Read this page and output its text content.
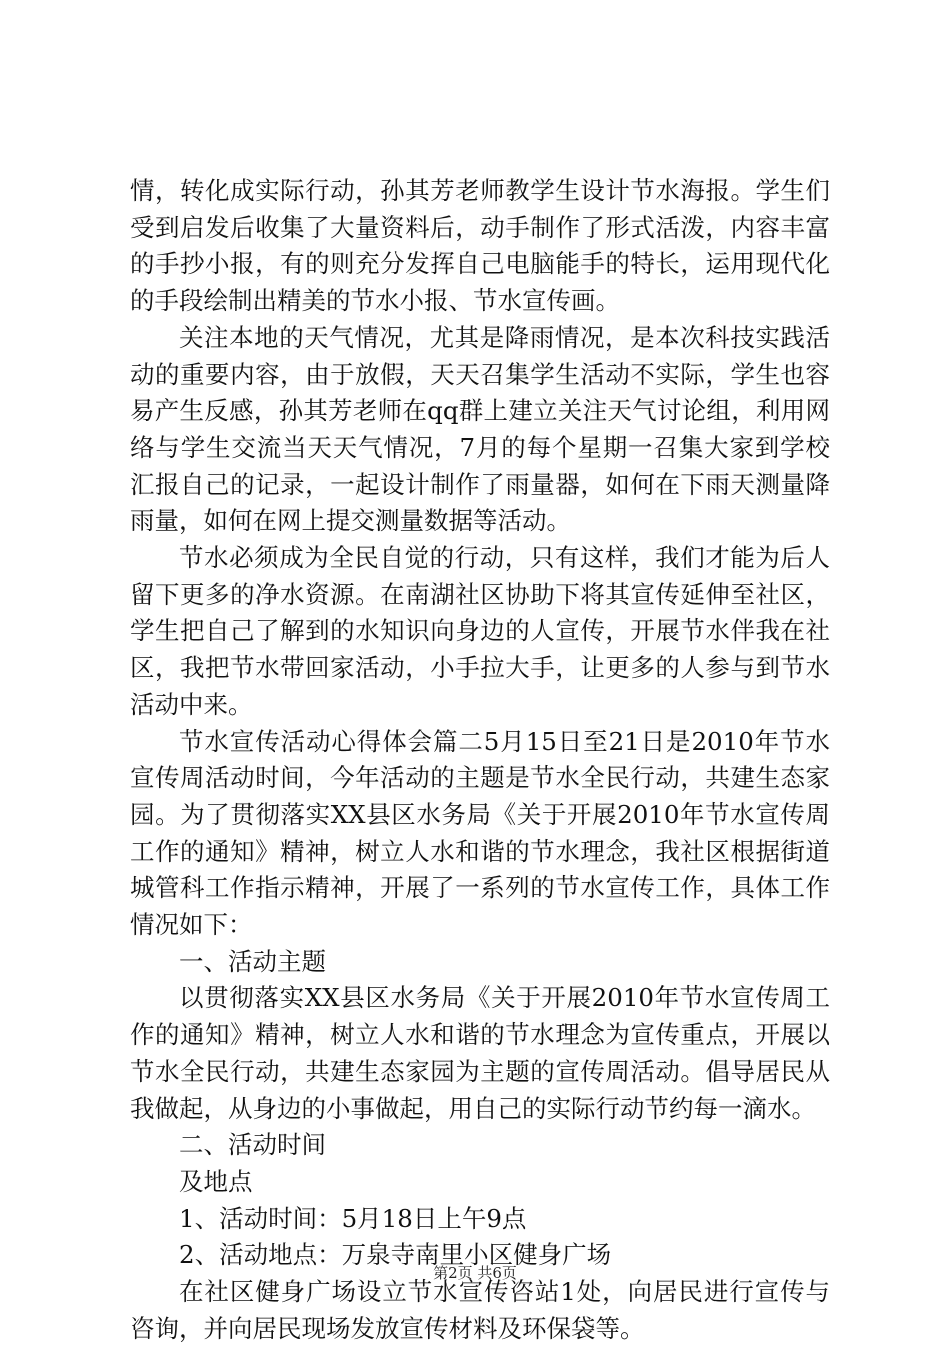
情，转化成实际行动，孙其芳老师教学生设计节水海报。学生们受到启发后收集了大量资料后，动手制作了形式活泼，内容丰富的手抄小报，有的则充分发挥自己电脑能手的特长，运用现代化的手段绘制出精美的节水小报、节水宣传画。

关注本地的天气情况，尤其是降雨情况，是本次科技实践活动的重要内容，由于放假，天天召集学生活动不实际，学生也容易产生反感，孙其芳老师在qq群上建立关注天气讨论组，利用网络与学生交流当天天气情况，7月的每个星期一召集大家到学校汇报自己的记录，一起设计制作了雨量器，如何在下雨天测量降雨量，如何在网上提交测量数据等活动。

节水必须成为全民自觉的行动，只有这样，我们才能为后人留下更多的净水资源。在南湖社区协助下将其宣传延伸至社区，学生把自己了解到的水知识向身边的人宣传，开展节水伴我在社区，我把节水带回家活动，小手拉大手，让更多的人参与到节水活动中来。

节水宣传活动心得体会篇二5月15日至21日是2010年节水宣传周活动时间，今年活动的主题是节水全民行动，共建生态家园。为了贯彻落实XX县区水务局《关于开展2010年节水宣传周工作的通知》精神，树立人水和谐的节水理念，我社区根据街道城管科工作指示精神，开展了一系列的节水宣传工作，具体工作情况如下：

一、活动主题

以贯彻落实XX县区水务局《关于开展2010年节水宣传周工作的通知》精神，树立人水和谐的节水理念为宣传重点，开展以节水全民行动，共建生态家园为主题的宣传周活动。倡导居民从我做起，从身边的小事做起，用自己的实际行动节约每一滴水。

二、活动时间

及地点

1、活动时间：5月18日上午9点

2、活动地点：万泉寺南里小区健身广场

在社区健身广场设立节水宣传咨站1处，向居民进行宣传与咨询，并向居民现场发放宣传材料及环保袋等。

第2页 共6页
